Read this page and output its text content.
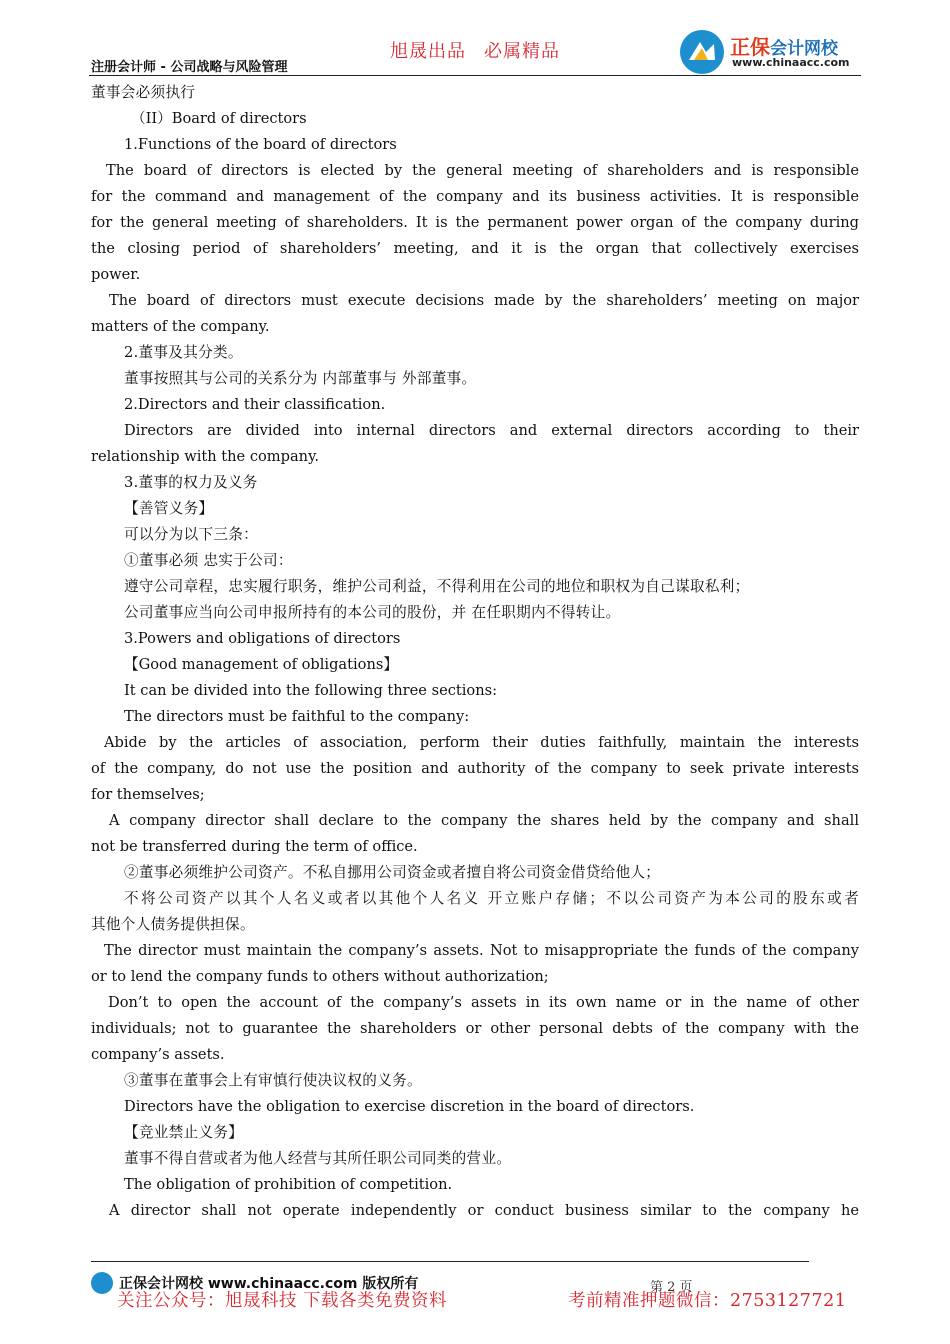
注册会计师 - 公司战略与风险管理
旭晟出品 必属精品	正保会计网校
www.chinaacc.com
董事会必须执行
（II）Board of directors
1.Functions of the board of directors
The board of directors is elected by the general meeting of shareholders and is responsible
for the command and management of the company and its business activities. It is responsible
for the general meeting of shareholders. It is the permanent power organ of the company during
the closing period of shareholders’ meeting, and it is the organ that collectively exercises
power.
The board of directors must execute decisions made by the shareholders’ meeting on major
matters of the company.
2.董事及其分类。
董事按照其与公司的关系分为 内部董事与 外部董事。
2.Directors and their classification.
Directors are divided into internal directors and external directors according to their
relationship with the company.
3.董事的权力及义务
【善管义务】
可以分为以下三条：
①董事必须 忠实于公司：
遵守公司章程，忠实履行职务，维护公司利益，不得利用在公司的地位和职权为自己谋取私利；
公司董事应当向公司申报所持有的本公司的股份，并 在任职期内不得转让。
3.Powers and obligations of directors
【Good management of obligations】
It can be divided into the following three sections:
The directors must be faithful to the company:
Abide by the articles of association, perform their duties faithfully, maintain the interests
of the company, do not use the position and authority of the company to seek private interests
for themselves;
A company director shall declare to the company the shares held by the company and shall
not be transferred during the term of office.
②董事必须维护公司资产。不私自挪用公司资金或者擅自将公司资金借贷给他人；
不将公司资产以其个人名义或者以其他个人名义 开立账户存储；不以公司资产为本公司的股东或者
其他个人债务提供担保。
The director must maintain the company’s assets. Not to misappropriate the funds of the company
or to lend the company funds to others without authorization;
Don’t to open the account of the company’s assets in its own name or in the name of other
individuals; not to guarantee the shareholders or other personal debts of the company with the
company’s assets.
③董事在董事会上有审慎行使决议权的义务。
Directors have the obligation to exercise discretion in the board of directors.
【竞业禁止义务】
董事不得自营或者为他人经营与其所任职公司同类的营业。
The obligation of prohibition of competition.
A director shall not operate independently or conduct business similar to the company he
正保会计网校 www.chinaacc.com 版权所有	第 2 页
关注公众号：旭晟科技 下载各类免费资料	考前精准押题微信：2753127721
